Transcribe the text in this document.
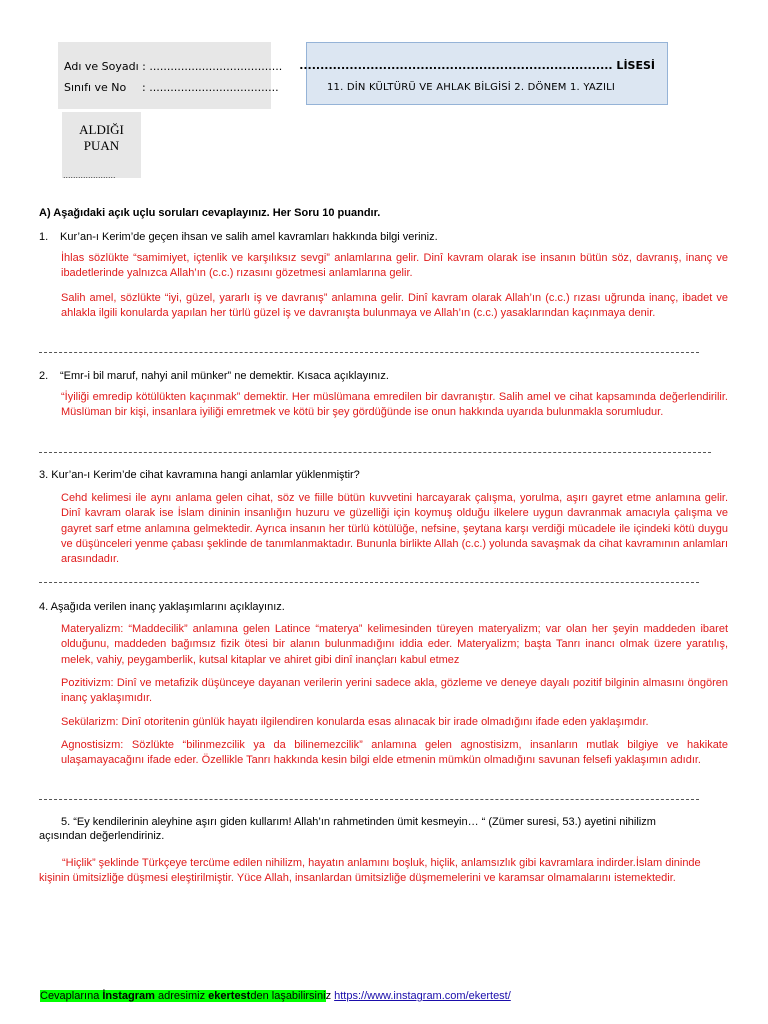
Adı ve Soyadı : ......................................
Sınıfı ve No : .....................................
........................................................................... LİSESİ
11. DİN KÜLTÜRÜ VE AHLAK BİLGİSİ 2. DÖNEM 1. YAZILI
ALDIĞI
PUAN
.....................
A) Aşağıdaki açık uçlu soruları cevaplayınız. Her Soru 10 puandır.
1. Kur’an-ı Kerim’de geçen ihsan ve salih amel kavramları hakkında bilgi veriniz.
İhlas sözlükte “samimiyet, içtenlik ve karşılıksız sevgi” anlamlarına gelir. Dinî kavram olarak ise insanın bütün söz, davranış, inanç ve ibadetlerinde yalnızca Allah’ın (c.c.) rızasını gözetmesi anlamlarına gelir.
Salih amel, sözlükte “iyi, güzel, yararlı iş ve davranış” anlamına gelir. Dinî kavram olarak Allah’ın (c.c.) rızası uğrunda inanç, ibadet ve ahlakla ilgili konularda yapılan her türlü güzel iş ve davranışta bulunmaya ve Allah’ın (c.c.) yasaklarından kaçınmaya denir.
2. “Emr-i bil maruf, nahyi anil münker” ne demektir. Kısaca açıklayınız.
“İyiliği emredip kötülükten kaçınmak” demektir. Her müslümana emredilen bir davranıştır. Salih amel ve cihat kapsamında değerlendirilir. Müslüman bir kişi, insanlara iyiliği emretmek ve kötü bir şey gördüğünde ise onun hakkında uyarıda bulunmakla sorumludur.
3. Kur’an-ı Kerim’de cihat kavramına hangi anlamlar yüklenmiştir?
Cehd kelimesi ile aynı anlama gelen cihat, söz ve fiille bütün kuvvetini harcayarak çalışma, yorulma, aşırı gayret etme anlamına gelir. Dinî kavram olarak ise İslam dininin insanlığın huzuru ve güzelliği için koymuş olduğu ilkelere uygun davranmak amacıyla çalışma ve gayret sarf etme anlamına gelmektedir. Ayrıca insanın her türlü kötülüğe, nefsine, şeytana karşı verdiği mücadele ile içindeki kötü duygu ve düşünceleri yenme çabası şeklinde de tanımlanmaktadır. Bununla birlikte Allah (c.c.) yolunda savaşmak da cihat kavramının anlamları arasındadır.
4. Aşağıda verilen inanç yaklaşımlarını açıklayınız.
Materyalizm: “Maddecilik” anlamına gelen Latince “materya” kelimesinden türeyen materyalizm; var olan her şeyin maddeden ibaret olduğunu, maddeden bağımsız fizik ötesi bir alanın bulunmadığını iddia eder. Materyalizm; başta Tanrı inancı olmak üzere yaratılış, melek, vahiy, peygamberlik, kutsal kitaplar ve ahiret gibi dinî inançları kabul etmez
Pozitivizm: Dinî ve metafizik düşünceye dayanan verilerin yerini sadece akla, gözleme ve deneye dayalı pozitif bilginin almasını öngören inanç yaklaşımıdır.
Sekülarizm: Dinî otoritenin günlük hayatı ilgilendiren konularda esas alınacak bir irade olmadığını ifade eden yaklaşımdır.
Agnostisizm: Sözlükte “bilinmezcilik ya da bilinemezcilik” anlamına gelen agnostisizm, insanların mutlak bilgiye ve hakikate ulaşamayacağını ifade eder. Özellikle Tanrı hakkında kesin bilgi elde etmenin mümkün olmadığını savunan felsefi yaklaşımın adıdır.
5. “Ey kendilerinin aleyhine aşırı giden kullarım! Allah’ın rahmetinden ümit kesmeyin… “ (Zümer suresi, 53.) ayetini nihilizm
açısından değerlendiriniz.
“Hiçlik” şeklinde Türkçeye tercüme edilen nihilizm, hayatın anlamını boşluk, hiçlik, anlamsızlık gibi kavramlara indirder.İslam dininde kişinin ümitsizliğe düşmesi eleştirilmiştir. Yüce Allah, insanlardan ümitsizliğe düşmemelerini ve karamsar olmamalarını istemektedir.
Cevaplarına İnstagram adresimiz ekertestden laşabilirsiniz https://www.instagram.com/ekertest/
